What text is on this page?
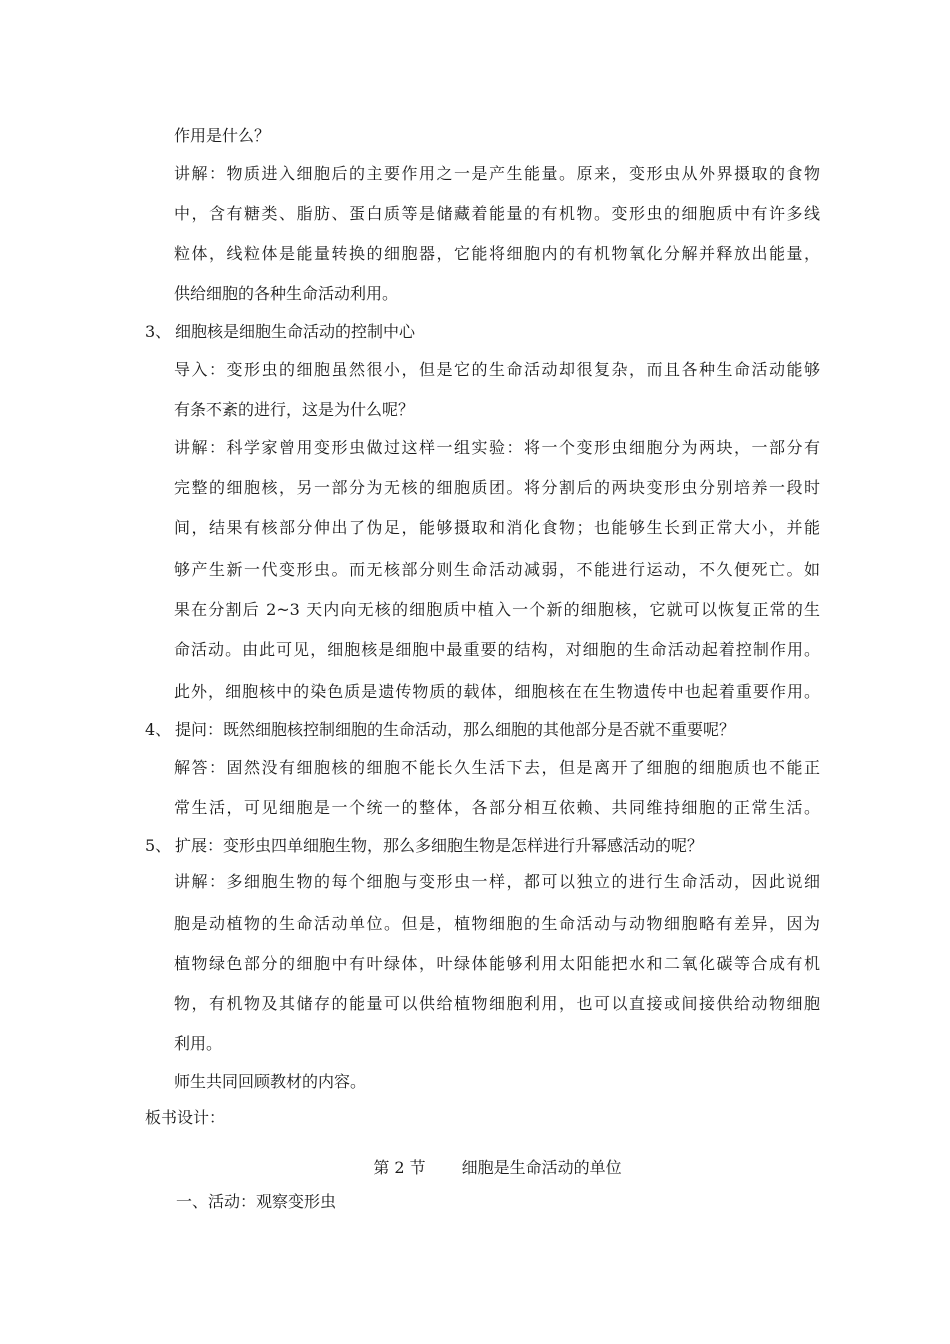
作用是什么？
讲解：物质进入细胞后的主要作用之一是产生能量。原来，变形虫从外界摄取的食物
中，含有糖类、脂肪、蛋白质等是储藏着能量的有机物。变形虫的细胞质中有许多线
粒体，线粒体是能量转换的细胞器，它能将细胞内的有机物氧化分解并释放出能量，
供给细胞的各种生命活动利用。
3、 细胞核是细胞生命活动的控制中心
导入：变形虫的细胞虽然很小，但是它的生命活动却很复杂，而且各种生命活动能够
有条不紊的进行，这是为什么呢？
讲解：科学家曾用变形虫做过这样一组实验：将一个变形虫细胞分为两块，一部分有
完整的细胞核，另一部分为无核的细胞质团。将分割后的两块变形虫分别培养一段时
间，结果有核部分伸出了伪足，能够摄取和消化食物；也能够生长到正常大小，并能
够产生新一代变形虫。而无核部分则生命活动减弱，不能进行运动，不久便死亡。如
果在分割后 2~3 天内向无核的细胞质中植入一个新的细胞核，它就可以恢复正常的生
命活动。由此可见，细胞核是细胞中最重要的结构，对细胞的生命活动起着控制作用。
此外，细胞核中的染色质是遗传物质的载体，细胞核在在生物遗传中也起着重要作用。
4、 提问：既然细胞核控制细胞的生命活动，那么细胞的其他部分是否就不重要呢？
解答：固然没有细胞核的细胞不能长久生活下去，但是离开了细胞的细胞质也不能正
常生活，可见细胞是一个统一的整体，各部分相互依赖、共同维持细胞的正常生活。
5、 扩展：变形虫四单细胞生物，那么多细胞生物是怎样进行升幂感活动的呢？
讲解：多细胞生物的每个细胞与变形虫一样，都可以独立的进行生命活动，因此说细
胞是动植物的生命活动单位。但是，植物细胞的生命活动与动物细胞略有差异，因为
植物绿色部分的细胞中有叶绿体，叶绿体能够利用太阳能把水和二氧化碳等合成有机
物，有机物及其储存的能量可以供给植物细胞利用，也可以直接或间接供给动物细胞
利用。
师生共同回顾教材的内容。
板书设计：
第 2 节 细胞是生命活动的单位
一、活动：观察变形虫
